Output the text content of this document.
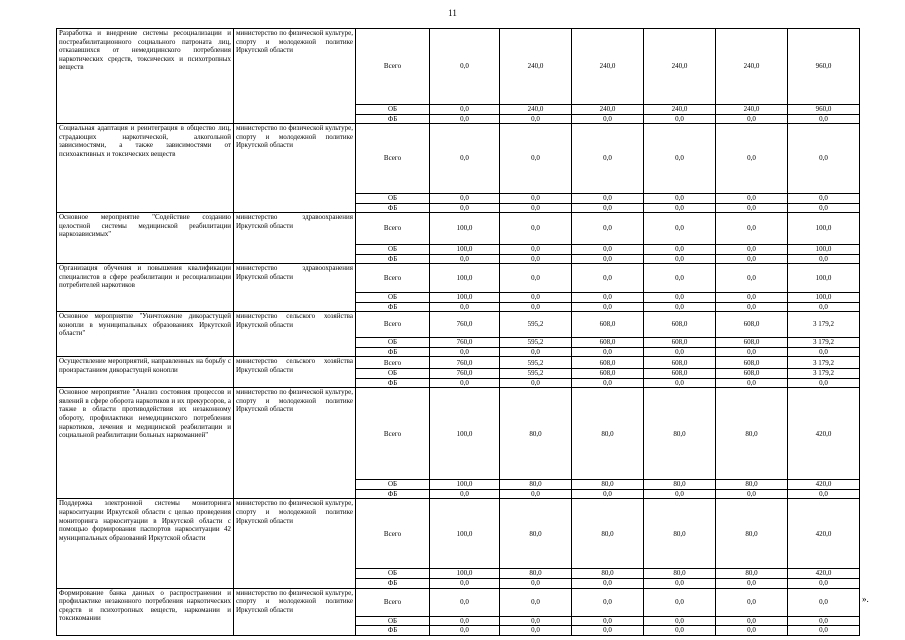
11
Разработка и внедрение системы ресоциализации и постреабилитационного социального патроната лиц, отказавшихся от немедицинского потребления наркотических средств, токсических и психотропных веществ	министерство по физической культуре, спорту и молодежной политике Иркутской области	Всего	0,0	240,0	240,0	240,0	240,0	960,0
		ОБ	0,0	240,0	240,0	240,0	240,0	960,0
		ФБ	0,0	0,0	0,0	0,0	0,0	0,0
Социальная адаптация и реинтеграция в общество лиц, страдающих наркотической, алкогольной зависимостями, а также зависимостями от психоактивных и токсических веществ	министерство по физической культуре, спорту и молодежной политике Иркутской области	Всего	0,0	0,0	0,0	0,0	0,0	0,0
		ОБ	0,0	0,0	0,0	0,0	0,0	0,0
		ФБ	0,0	0,0	0,0	0,0	0,0	0,0
Основное мероприятие "Содействие созданию целостной системы медицинской реабилитации наркозависимых"	министерство здравоохранения Иркутской области	Всего	100,0	0,0	0,0	0,0	0,0	100,0
		ОБ	100,0	0,0	0,0	0,0	0,0	100,0
		ФБ	0,0	0,0	0,0	0,0	0,0	0,0
Организация обучения и повышения квалификации специалистов в сфере реабилитации и ресоциализации потребителей наркотиков	министерство здравоохранения Иркутской области	Всего	100,0	0,0	0,0	0,0	0,0	100,0
		ОБ	100,0	0,0	0,0	0,0	0,0	100,0
		ФБ	0,0	0,0	0,0	0,0	0,0	0,0
Основное мероприятие "Уничтожение дикорастущей конопли в муниципальных образованиях Иркутской области"	министерство сельского хозяйства Иркутской области	Всего	760,0	595,2	608,0	608,0	608,0	3 179,2
		ОБ	760,0	595,2	608,0	608,0	608,0	3 179,2
		ФБ	0,0	0,0	0,0	0,0	0,0	0,0
Осуществление мероприятий, направленных на борьбу с произрастанием дикорастущей конопли	министерство сельского хозяйства Иркутской области	Всего	760,0	595,2	608,0	608,0	608,0	3 179,2
		ОБ	760,0	595,2	608,0	608,0	608,0	3 179,2
		ФБ	0,0	0,0	0,0	0,0	0,0	0,0
Основное мероприятие "Анализ состояния процессов и явлений в сфере оборота наркотиков и их прекурсоров, а также в области противодействия их незаконному обороту, профилактики немедицинского потребления наркотиков, лечения и медицинской реабилитации и социальной реабилитации больных наркоманией"	министерство по физической культуре, спорту и молодежной политике Иркутской области	Всего	100,0	80,0	80,0	80,0	80,0	420,0
		ОБ	100,0	80,0	80,0	80,0	80,0	420,0
		ФБ	0,0	0,0	0,0	0,0	0,0	0,0
Поддержка электронной системы мониторинга наркоситуации Иркутской области с целью проведения мониторинга наркоситуации в Иркутской области с помощью формирования паспортов наркоситуации 42 муниципальных образований Иркутской области	министерство по физической культуре, спорту и молодежной политике Иркутской области	Всего	100,0	80,0	80,0	80,0	80,0	420,0
		ОБ	100,0	80,0	80,0	80,0	80,0	420,0
		ФБ	0,0	0,0	0,0	0,0	0,0	0,0
Формирование банка данных о распространении и профилактике незаконного потребления наркотических средств и психотропных веществ, наркомании и токсикомании	министерство по физической культуре, спорту и молодежной политике Иркутской области	Всего	0,0	0,0	0,0	0,0	0,0	0,0
		ОБ	0,0	0,0	0,0	0,0	0,0	0,0
		ФБ	0,0	0,0	0,0	0,0	0,0	0,0
».
